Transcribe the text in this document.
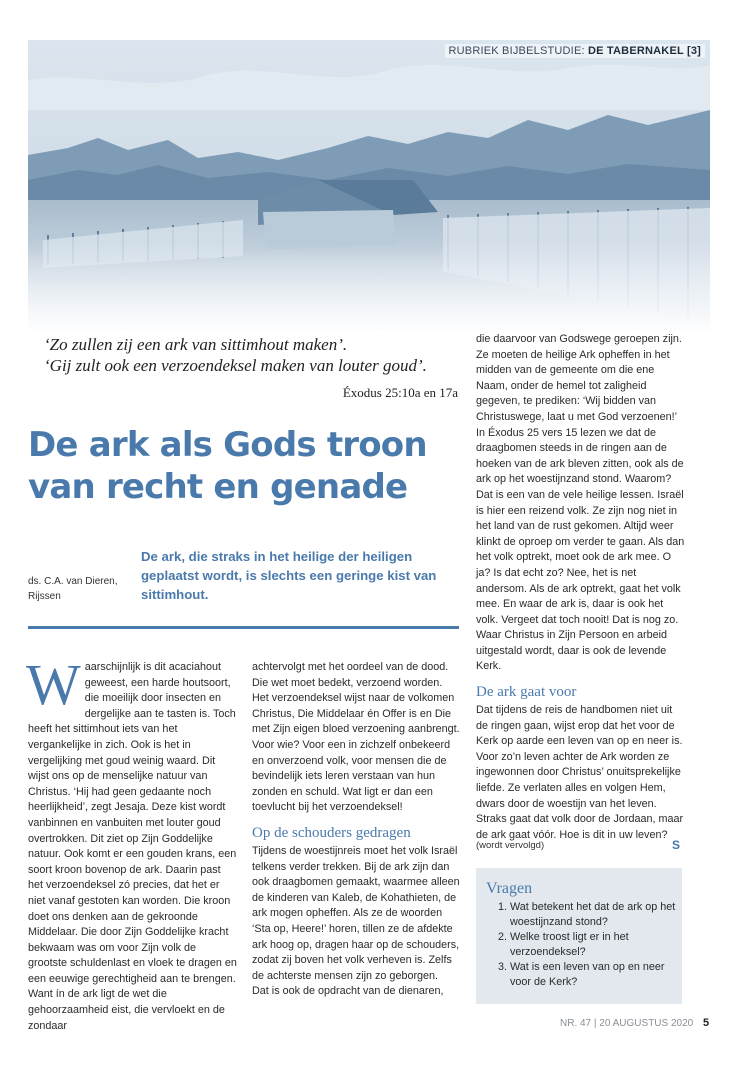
RUBRIEK BIJBELSTUDIE: DE TABERNAKEL [3]
‘Zo zullen zij een ark van sittimhout maken’.
‘Gij zult ook een verzoendeksel maken van louter goud’.
Éxodus 25:10a en 17a
De ark als Gods troon van recht en genade
ds. C.A. van Dieren,
Rijssen
De ark, die straks in het heilige der heiligen geplaatst wordt, is slechts een geringe kist van sittimhout.

Waarschijnlijk is dit acaciahout geweest, een harde houtsoort, die moeilijk door insecten en dergelijke aan te tasten is. Toch heeft het sittimhout iets van het vergankelijke in zich. Ook is het in vergelijking met goud weinig waard. Dit wijst ons op de menselijke natuur van Christus. ‘Hij had geen gedaante noch heerlijkheid’, zegt Jesaja. Deze kist wordt vanbinnen en vanbuiten met louter goud overtrokken. Dit ziet op Zijn Goddelijke natuur. Ook komt er een gouden krans, een soort kroon bovenop de ark. Daarin past het verzoendeksel zó precies, dat het er niet vanaf gestoten kan worden. Die kroon doet ons denken aan de gekroonde Middelaar. Die door Zijn Goddelijke kracht bekwaam was om voor Zijn volk de grootste schuldenlast en vloek te dragen en een eeuwige gerechtigheid aan te brengen.

Want ín de ark ligt de wet die gehoorzaamheid eist, die vervloekt en de zondaar

achtervolgt met het oordeel van de dood. Die wet moet bedekt, verzoend worden. Het verzoendeksel wijst naar de volkomen Christus, Die Middelaar én Offer is en Die met Zijn eigen bloed verzoening aanbrengt. Voor wie? Voor een in zichzelf onbekeerd en onverzoend volk, voor mensen die de bevindelijk iets leren verstaan van hun zonden en schuld. Wat ligt er dan een toevlucht bij het verzoendeksel!

Op de schouders gedragen

Tijdens de woestijnreis moet het volk Israël telkens verder trekken. Bij de ark zijn dan ook draagbomen gemaakt, waarmee alleen de kinderen van Kaleb, de Kohathieten, de ark mogen opheffen. Als ze de woorden ‘Sta op, Heere!’ horen, tillen ze de afdekte ark hoog op, dragen haar op de schouders, zodat zij boven het volk verheven is. Zelfs de achterste mensen zijn zo geborgen.

Dat is ook de opdracht van de dienaren,

die daarvoor van Godswege geroepen zijn. Ze moeten de heilige Ark opheffen in het midden van de gemeente om die ene Naam, onder de hemel tot zaligheid gegeven, te prediken: ‘Wij bidden van Christuswege, laat u met God verzoenen!’

In Éxodus 25 vers 15 lezen we dat de draagbomen steeds in de ringen aan de hoeken van de ark bleven zitten, ook als de ark op het woestijnzand stond. Waarom? Dat is een van de vele heilige lessen. Israël is hier een reizend volk. Ze zijn nog niet in het land van de rust gekomen. Altijd weer klinkt de oproep om verder te gaan. Als dan het volk optrekt, moet ook de ark mee. O ja? Is dat echt zo? Nee, het is net andersom. Als de ark optrekt, gaat het volk mee. En waar de ark is, daar is ook het volk. Vergeet dat toch nooit! Dat is nog zo. Waar Christus in Zijn Persoon en arbeid uitgestald wordt, daar is ook de levende Kerk.

De ark gaat voor

Dat tijdens de reis de handbomen niet uit de ringen gaan, wijst erop dat het voor de Kerk op aarde een leven van op en neer is. Voor zo’n leven achter de Ark worden ze ingewonnen door Christus’ onuitsprekelijke liefde. Ze verlaten alles en volgen Hem, dwars door de woestijn van het leven. Straks gaat dat volk door de Jordaan, maar de ark gaat vóór. Hoe is dit in uw leven?

(wordt vervolgd)	S
Vragen
1. Wat betekent het dat de ark op het woestijnzand stond?
2. Welke troost ligt er in het verzoendeksel?
3. Wat is een leven van op en neer voor de Kerk?
NR. 47 | 20 AUGUSTUS 2020 5
